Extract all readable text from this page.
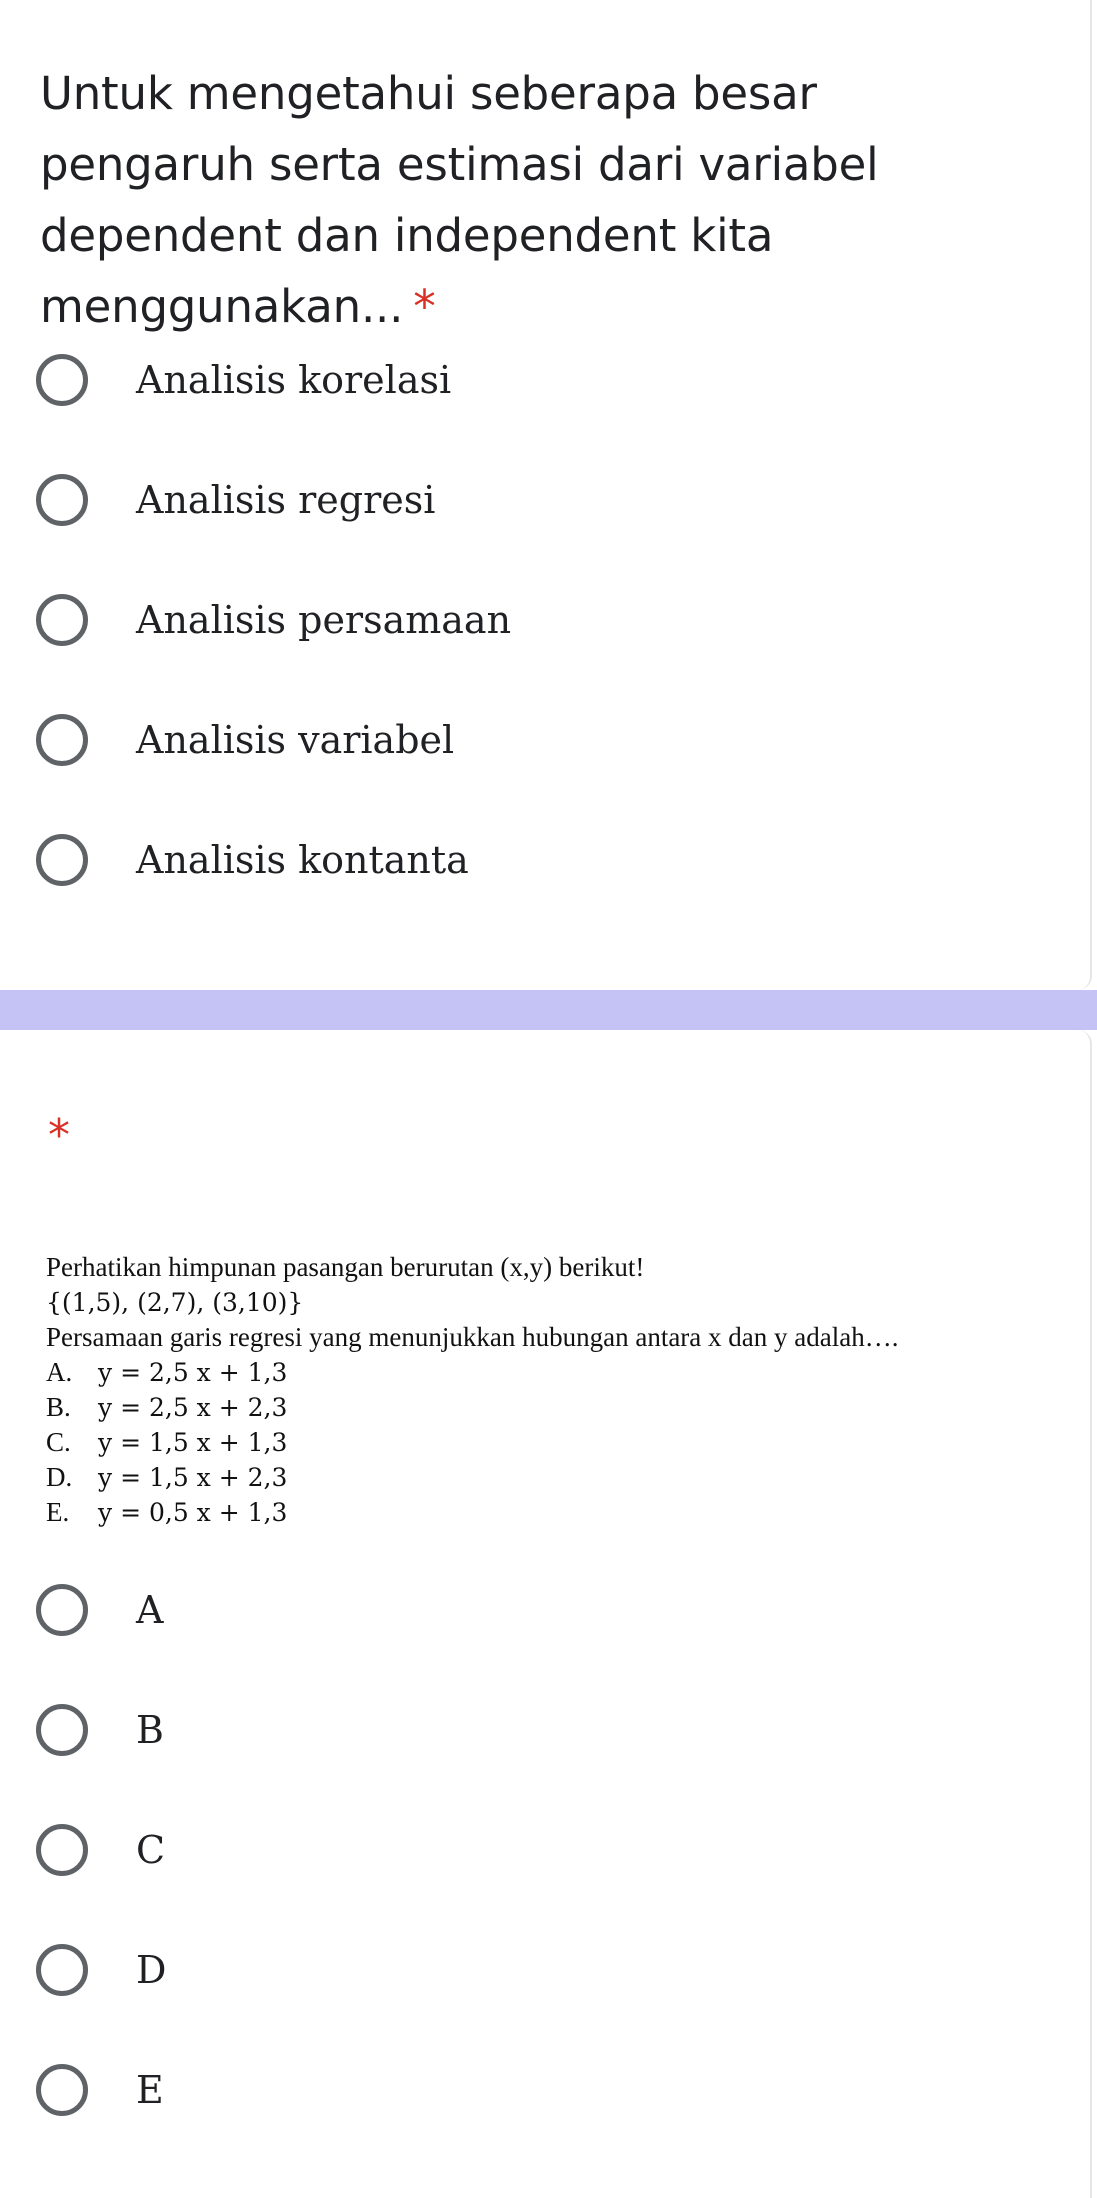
Untuk mengetahui seberapa besar pengaruh serta estimasi dari variabel dependent dan independent kita menggunakan... *
Analisis korelasi
Analisis regresi
Analisis persamaan
Analisis variabel
Analisis kontanta
*
Perhatikan himpunan pasangan berurutan (x,y) berikut!
{(1,5), (2,7), (3,10)}
Persamaan garis regresi yang menunjukkan hubungan antara x dan y adalah….
A.	y = 2,5 x + 1,3
B.	y = 2,5 x + 2,3
C.	y = 1,5 x + 1,3
D.	y = 1,5 x + 2,3
E.	y = 0,5 x + 1,3
A
B
C
D
E
